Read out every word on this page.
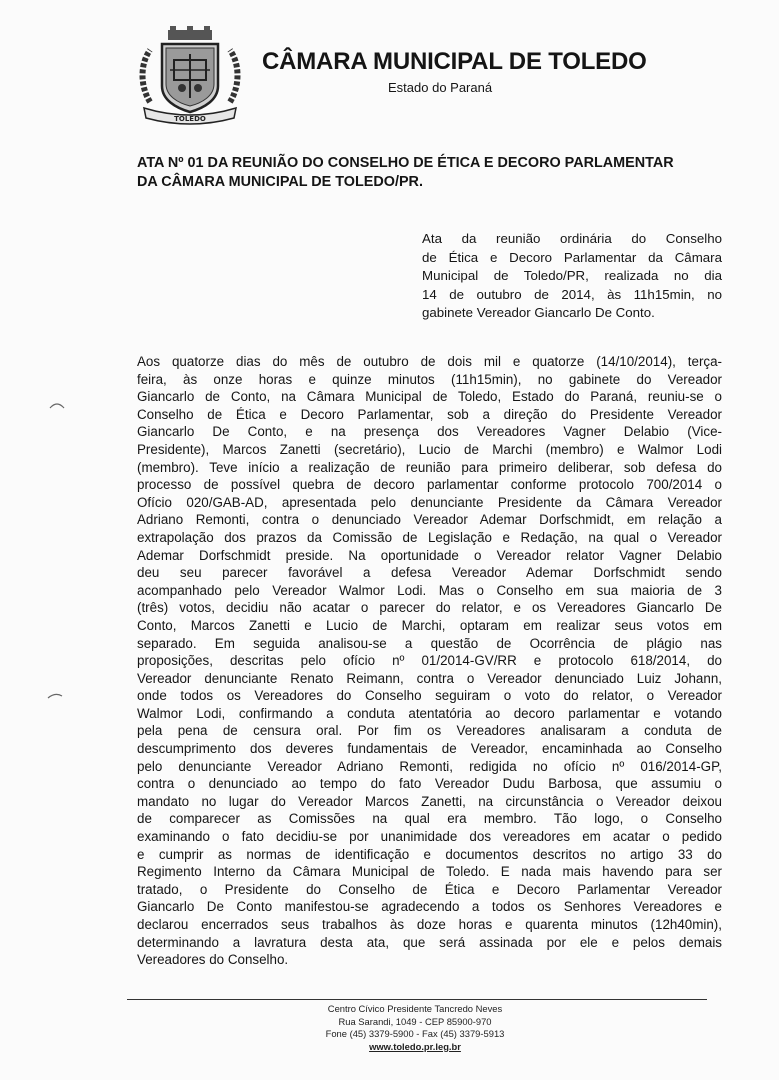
TOLEDO
CÂMARA MUNICIPAL DE TOLEDO
Estado do Paraná
ATA Nº 01 DA REUNIÃO DO CONSELHO DE ÉTICA E DECORO PARLAMENTAR
DA CÂMARA MUNICIPAL DE TOLEDO/PR.
Ata da reunião ordinária do Conselho
de Ética e Decoro Parlamentar da Câmara
Municipal de Toledo/PR, realizada no dia
14 de outubro de 2014, às 11h15min, no
gabinete Vereador Giancarlo De Conto.
Aos quatorze dias do mês de outubro de dois mil e quatorze (14/10/2014), terça-
feira, às onze horas e quinze minutos (11h15min), no gabinete do Vereador
Giancarlo de Conto, na Câmara Municipal de Toledo, Estado do Paraná, reuniu-se o
Conselho de Ética e Decoro Parlamentar, sob a direção do Presidente Vereador
Giancarlo De Conto, e na presença dos Vereadores Vagner Delabio (Vice-
Presidente), Marcos Zanetti (secretário), Lucio de Marchi (membro) e Walmor Lodi
(membro). Teve início a realização de reunião para primeiro deliberar, sob defesa do
processo de possível quebra de decoro parlamentar conforme protocolo 700/2014 o
Ofício 020/GAB-AD, apresentada pelo denunciante Presidente da Câmara Vereador
Adriano Remonti, contra o denunciado Vereador Ademar Dorfschmidt, em relação a
extrapolação dos prazos da Comissão de Legislação e Redação, na qual o Vereador
Ademar Dorfschmidt preside. Na oportunidade o Vereador relator Vagner Delabio
deu seu parecer favorável a defesa Vereador Ademar Dorfschmidt sendo
acompanhado pelo Vereador Walmor Lodi. Mas o Conselho em sua maioria de 3
(três) votos, decidiu não acatar o parecer do relator, e os Vereadores Giancarlo De
Conto, Marcos Zanetti e Lucio de Marchi, optaram em realizar seus votos em
separado. Em seguida analisou-se a questão de Ocorrência de plágio nas
proposições, descritas pelo ofício nº 01/2014-GV/RR e protocolo 618/2014, do
Vereador denunciante Renato Reimann, contra o Vereador denunciado Luiz Johann,
onde todos os Vereadores do Conselho seguiram o voto do relator, o Vereador
Walmor Lodi, confirmando a conduta atentatória ao decoro parlamentar e votando
pela pena de censura oral. Por fim os Vereadores analisaram a conduta de
descumprimento dos deveres fundamentais de Vereador, encaminhada ao Conselho
pelo denunciante Vereador Adriano Remonti, redigida no ofício nº 016/2014-GP,
contra o denunciado ao tempo do fato Vereador Dudu Barbosa, que assumiu o
mandato no lugar do Vereador Marcos Zanetti, na circunstância o Vereador deixou
de comparecer as Comissões na qual era membro. Tão logo, o Conselho
examinando o fato decidiu-se por unanimidade dos vereadores em acatar o pedido
e cumprir as normas de identificação e documentos descritos no artigo 33 do
Regimento Interno da Câmara Municipal de Toledo. E nada mais havendo para ser
tratado, o Presidente do Conselho de Ética e Decoro Parlamentar Vereador
Giancarlo De Conto manifestou-se agradecendo a todos os Senhores Vereadores e
declarou encerrados seus trabalhos às doze horas e quarenta minutos (12h40min),
determinando a lavratura desta ata, que será assinada por ele e pelos demais
Vereadores do Conselho.
Centro Cívico Presidente Tancredo Neves
Rua Sarandi, 1049 - CEP 85900-970
Fone (45) 3379-5900 - Fax (45) 3379-5913
www.toledo.pr.leg.br
